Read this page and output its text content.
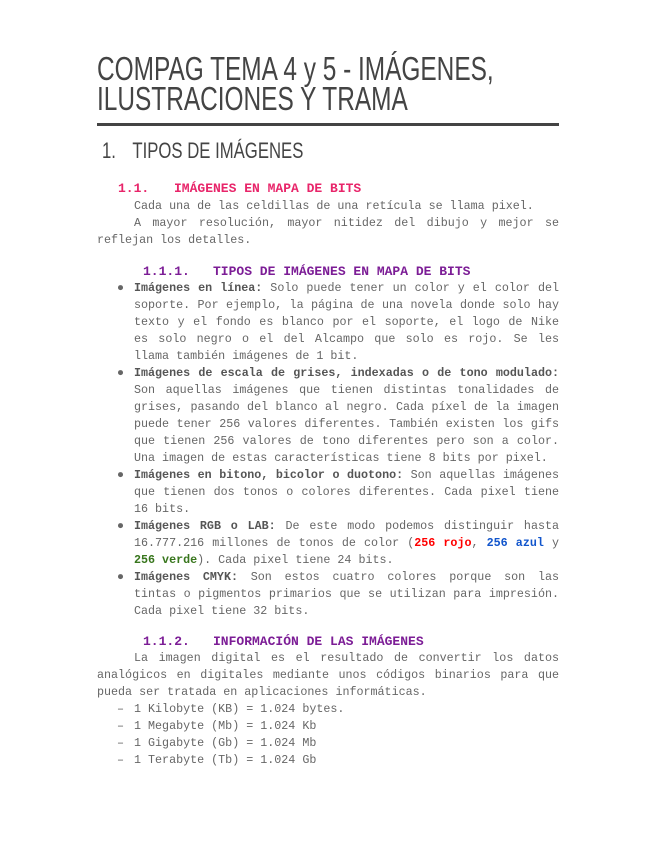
COMPAG TEMA 4 y 5 - IMÁGENES,
ILUSTRACIONES Y TRAMA
1. TIPOS DE IMÁGENES
1.1. IMÁGENES EN MAPA DE BITS

Cada una de las celdillas de una retícula se llama pixel.

A mayor resolución, mayor nitidez del dibujo y mejor se reflejan los detalles.

1.1.1. TIPOS DE IMÁGENES EN MAPA DE BITS
● Imágenes en línea: Solo puede tener un color y el color del soporte. Por ejemplo, la página de una novela donde solo hay texto y el fondo es blanco por el soporte, el logo de Nike es solo negro o el del Alcampo que solo es rojo. Se les llama también imágenes de 1 bit.
● Imágenes de escala de grises, indexadas o de tono modulado: Son aquellas imágenes que tienen distintas tonalidades de grises, pasando del blanco al negro. Cada píxel de la imagen puede tener 256 valores diferentes. También existen los gifs que tienen 256 valores de tono diferentes pero son a color. Una imagen de estas características tiene 8 bits por pixel.
● Imágenes en bitono, bicolor o duotono: Son aquellas imágenes que tienen dos tonos o colores diferentes. Cada pixel tiene 16 bits.
● Imágenes RGB o LAB: De este modo podemos distinguir hasta 16.777.216 millones de tonos de color (256 rojo, 256 azul y 256 verde). Cada pixel tiene 24 bits.
● Imágenes CMYK: Son estos cuatro colores porque son las tintas o pigmentos primarios que se utilizan para impresión. Cada pixel tiene 32 bits.
1.1.2. INFORMACIÓN DE LAS IMÁGENES

La imagen digital es el resultado de convertir los datos analógicos en digitales mediante unos códigos binarios para que pueda ser tratada en aplicaciones informáticas.

– 1 Kilobyte (KB) = 1.024 bytes.
– 1 Megabyte (Mb) = 1.024 Kb
– 1 Gigabyte (Gb) = 1.024 Mb
– 1 Terabyte (Tb) = 1.024 Gb
